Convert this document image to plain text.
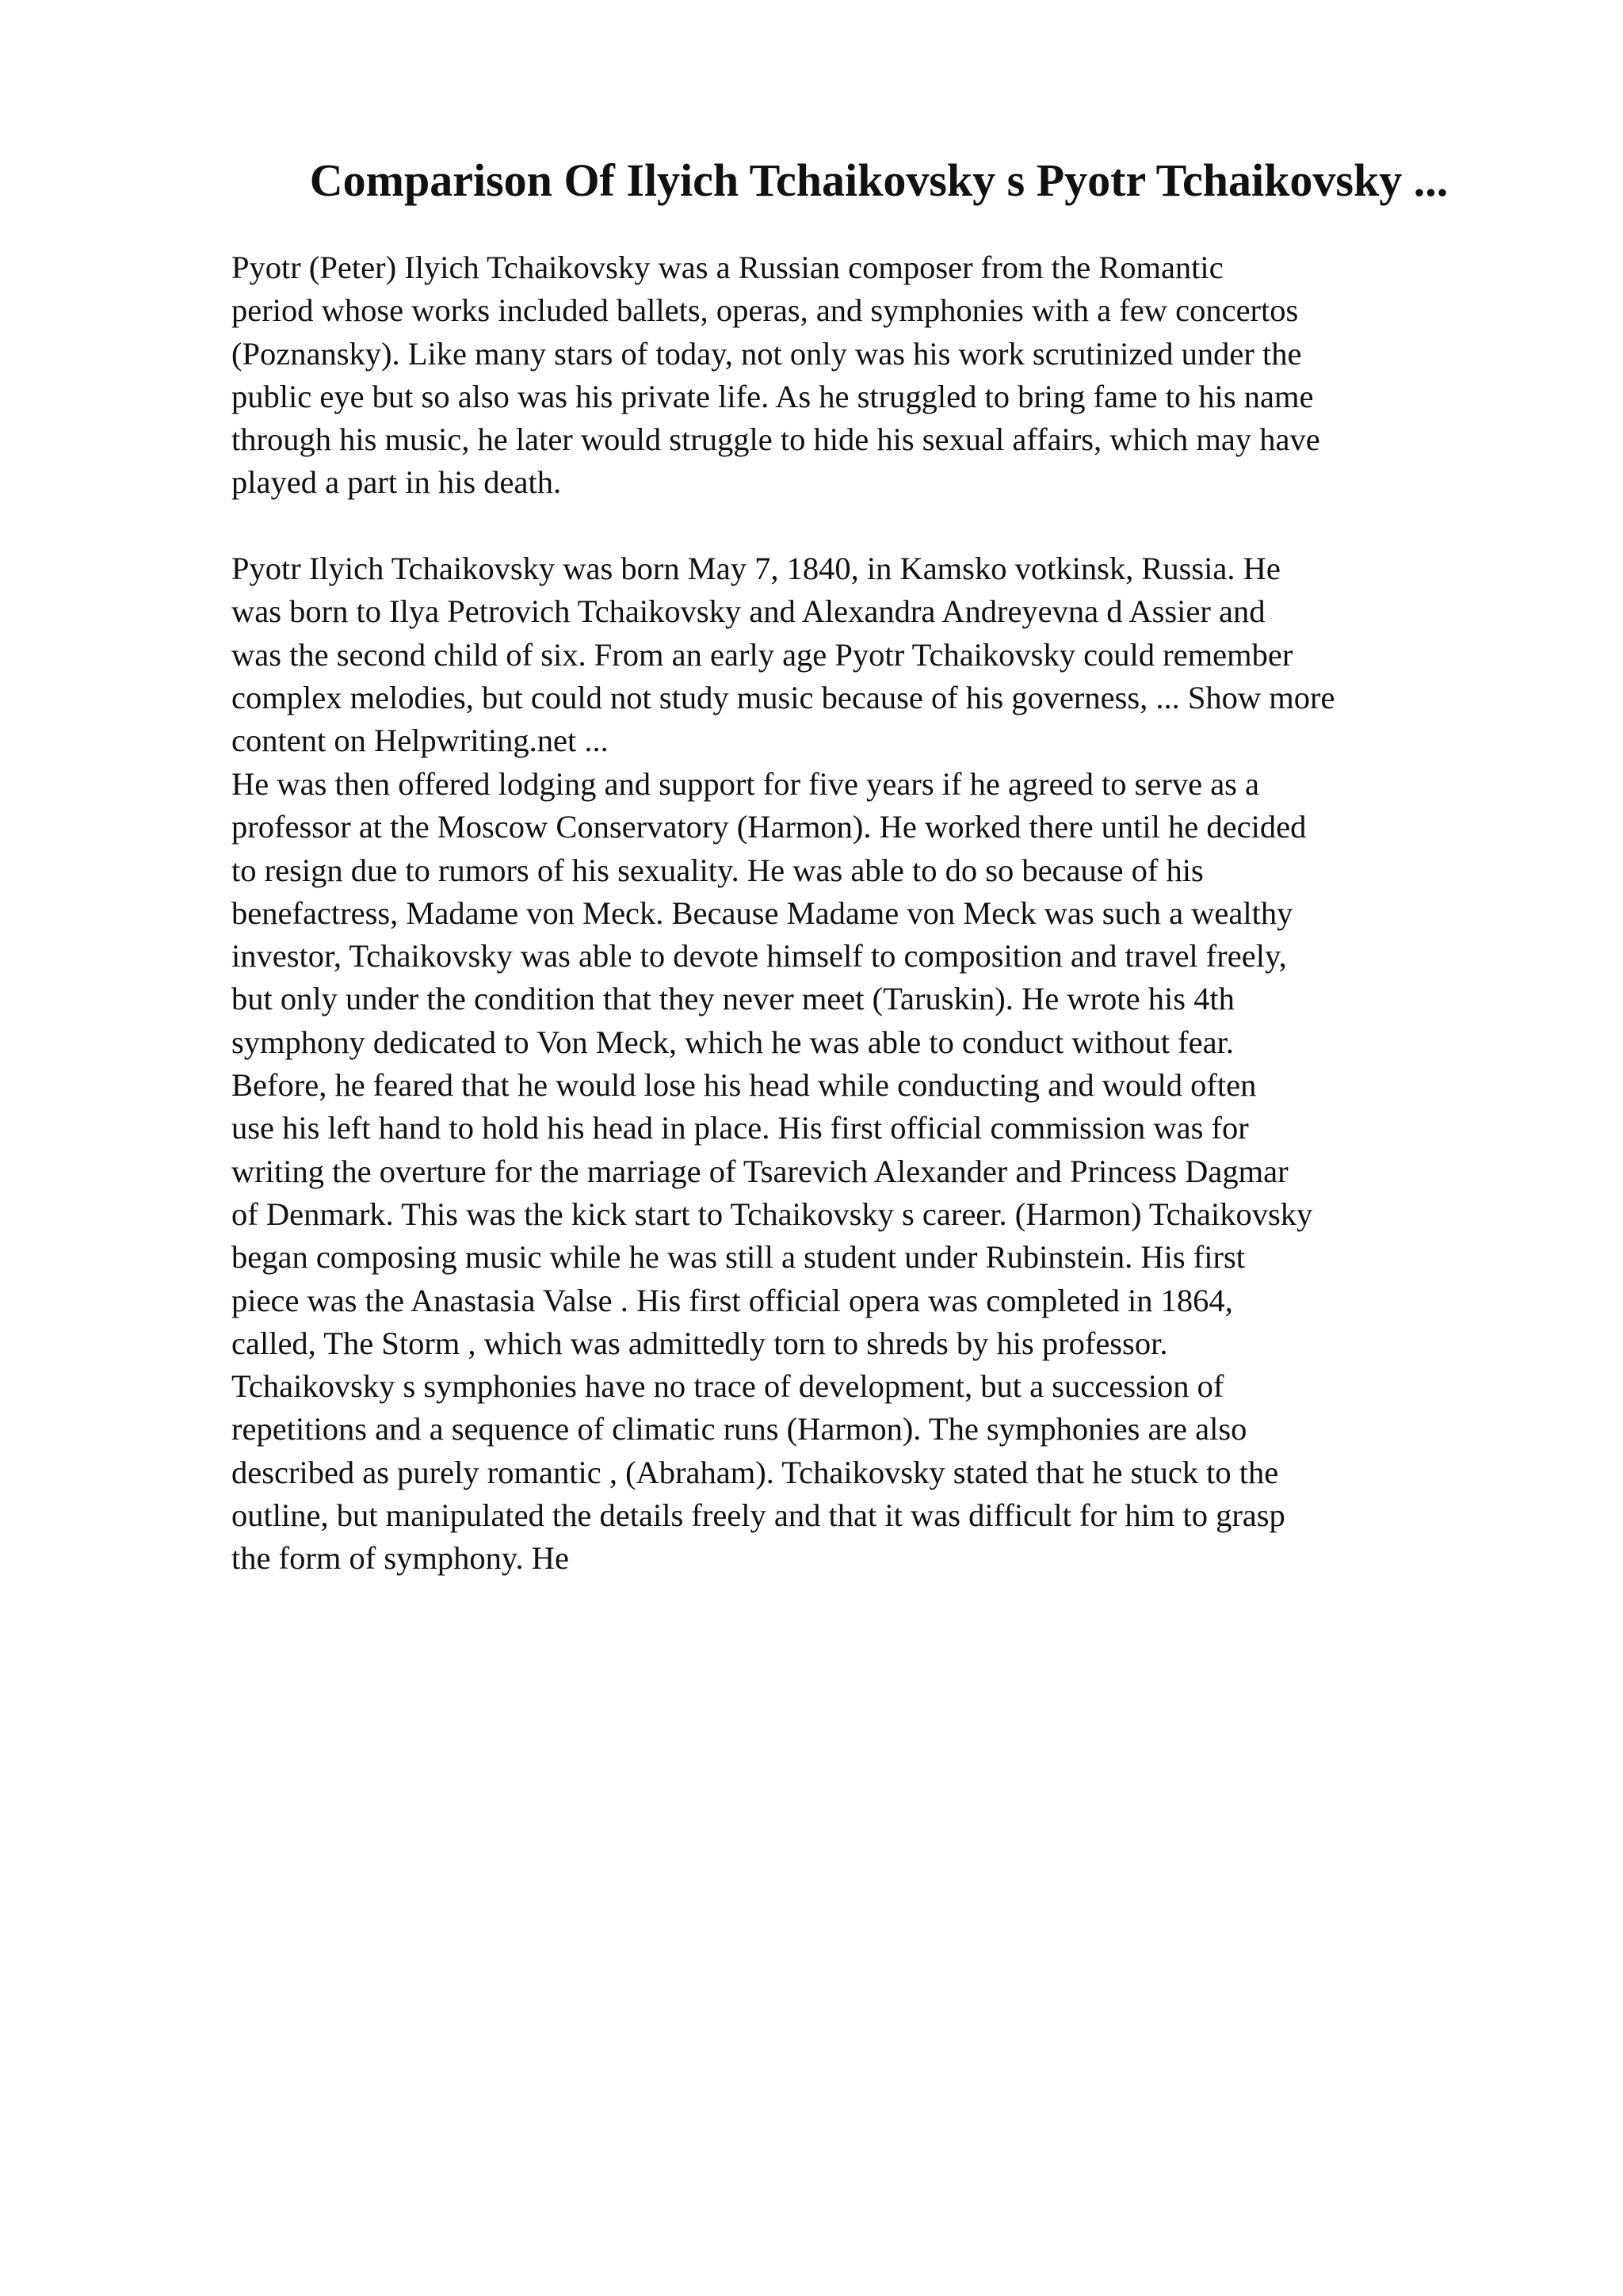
Comparison Of Ilyich Tchaikovsky s Pyotr Tchaikovsky ...
Pyotr (Peter) Ilyich Tchaikovsky was a Russian composer from the Romantic
period whose works included ballets, operas, and symphonies with a few concertos
(Poznansky). Like many stars of today, not only was his work scrutinized under the
public eye but so also was his private life. As he struggled to bring fame to his name
through his music, he later would struggle to hide his sexual affairs, which may have
played a part in his death.
Pyotr Ilyich Tchaikovsky was born May 7, 1840, in Kamsko votkinsk, Russia. He
was born to Ilya Petrovich Tchaikovsky and Alexandra Andreyevna d Assier and
was the second child of six. From an early age Pyotr Tchaikovsky could remember
complex melodies, but could not study music because of his governess, ... Show more
content on Helpwriting.net ...
He was then offered lodging and support for five years if he agreed to serve as a
professor at the Moscow Conservatory (Harmon). He worked there until he decided
to resign due to rumors of his sexuality. He was able to do so because of his
benefactress, Madame von Meck. Because Madame von Meck was such a wealthy
investor, Tchaikovsky was able to devote himself to composition and travel freely,
but only under the condition that they never meet (Taruskin). He wrote his 4th
symphony dedicated to Von Meck, which he was able to conduct without fear.
Before, he feared that he would lose his head while conducting and would often
use his left hand to hold his head in place. His first official commission was for
writing the overture for the marriage of Tsarevich Alexander and Princess Dagmar
of Denmark. This was the kick start to Tchaikovsky s career. (Harmon) Tchaikovsky
began composing music while he was still a student under Rubinstein. His first
piece was the Anastasia Valse . His first official opera was completed in 1864,
called, The Storm , which was admittedly torn to shreds by his professor.
Tchaikovsky s symphonies have no trace of development, but a succession of
repetitions and a sequence of climatic runs (Harmon). The symphonies are also
described as purely romantic , (Abraham). Tchaikovsky stated that he stuck to the
outline, but manipulated the details freely and that it was difficult for him to grasp
the form of symphony. He
